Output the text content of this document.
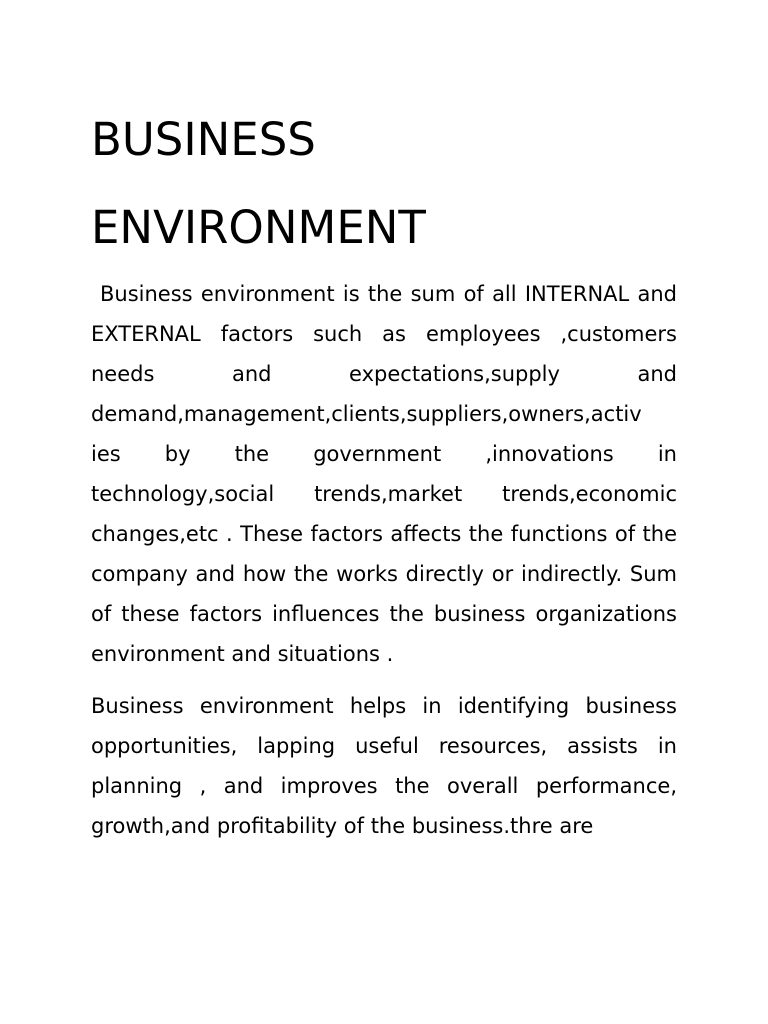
BUSINESS
ENVIRONMENT

Business environment is the sum of all INTERNAL and EXTERNAL factors such as employees ,customers needs and expectations,supply and demand,management,clients,suppliers,owners,activ ies by the government ,innovations in technology,social trends,market trends,economic changes,etc . These factors affects the functions of the company and how the works directly or indirectly. Sum of these factors influences the business organizations environment and situations .

Business environment helps in identifying business opportunities, lapping useful resources, assists in planning , and improves the overall performance, growth,and profitability of the business.thre are
